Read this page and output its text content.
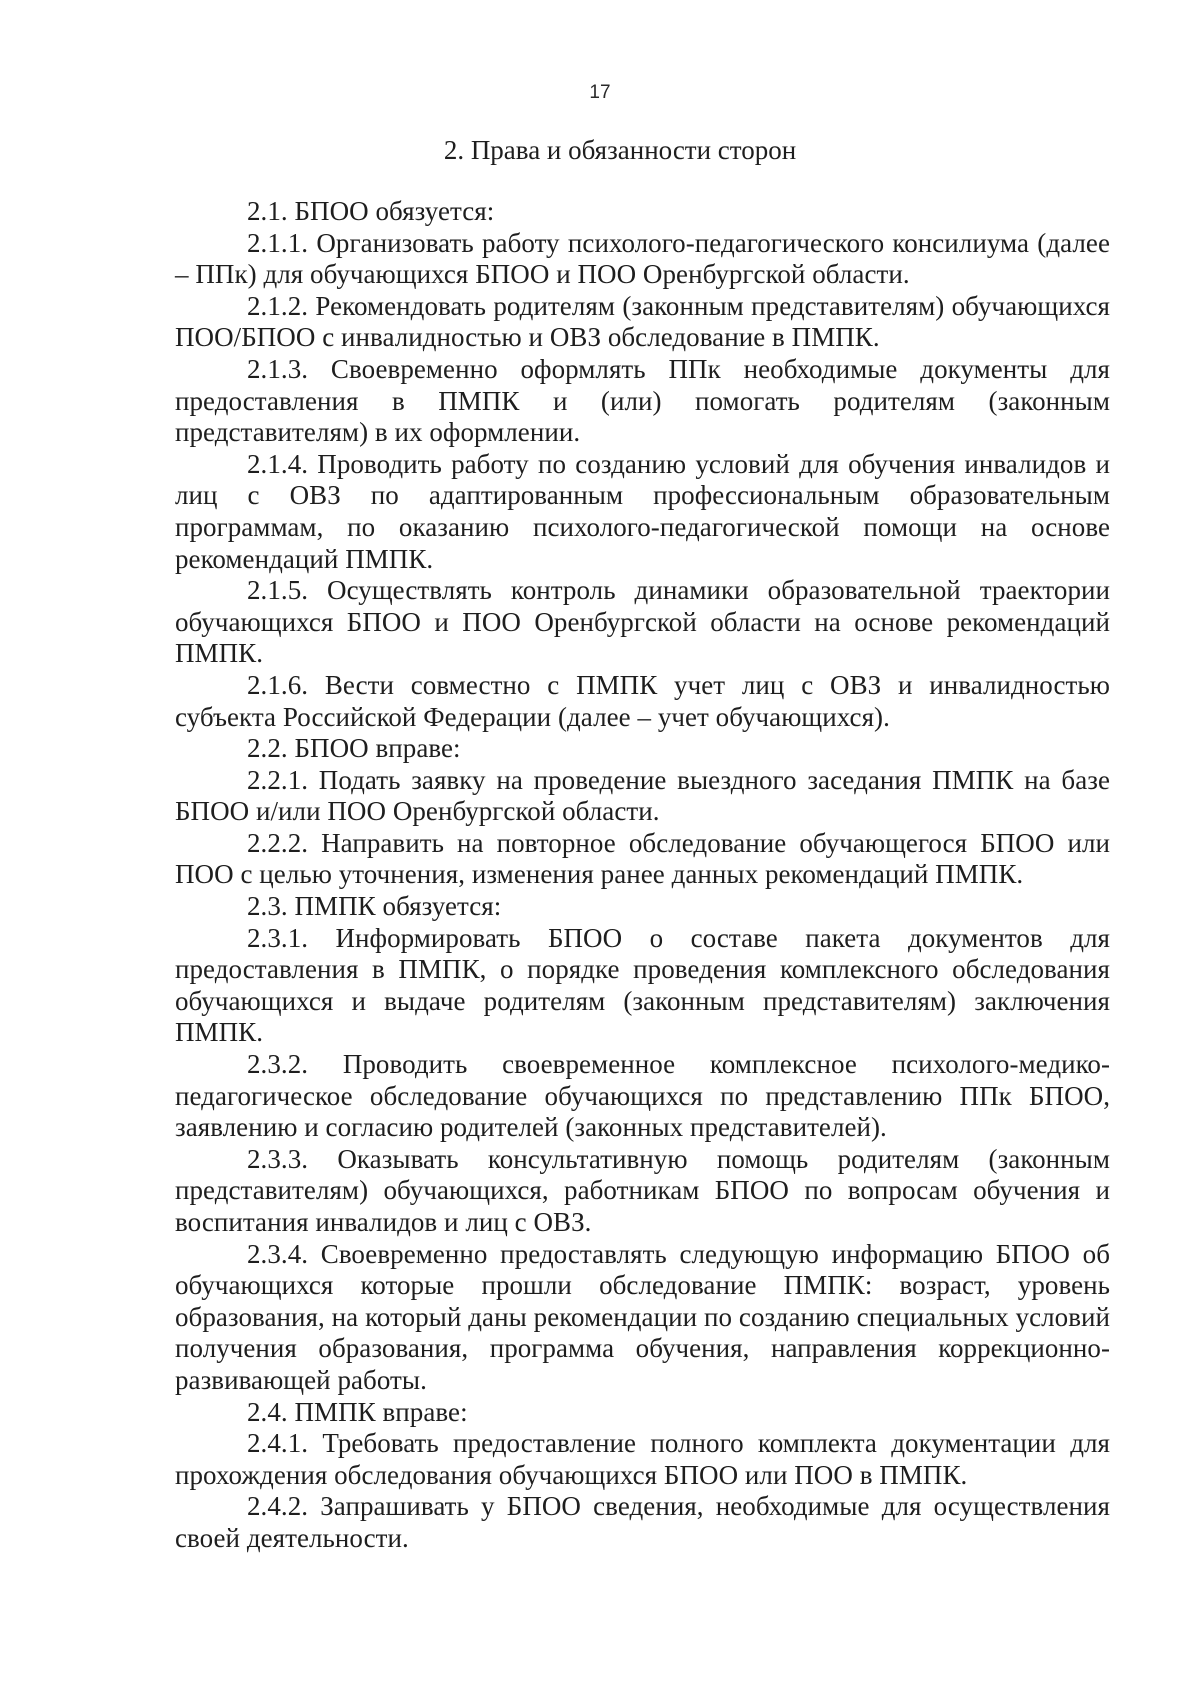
17
2. Права и обязанности сторон

2.1. БПОО обязуется:

2.1.1. Организовать работу психолого-педагогического консилиума (далее – ППк) для обучающихся БПОО и ПОО Оренбургской области.

2.1.2. Рекомендовать родителям (законным представителям) обучающихся ПОО/БПОО с инвалидностью и ОВЗ обследование в ПМПК.

2.1.3. Своевременно оформлять ППк необходимые документы для предоставления в ПМПК и (или) помогать родителям (законным представителям) в их оформлении.

2.1.4. Проводить работу по созданию условий для обучения инвалидов и лиц с ОВЗ по адаптированным профессиональным образовательным программам, по оказанию психолого-педагогической помощи на основе рекомендаций ПМПК.

2.1.5. Осуществлять контроль динамики образовательной траектории обучающихся БПОО и ПОО Оренбургской области на основе рекомендаций ПМПК.

2.1.6. Вести совместно с ПМПК учет лиц с ОВЗ и инвалидностью субъекта Российской Федерации (далее – учет обучающихся).

2.2. БПОО вправе:

2.2.1. Подать заявку на проведение выездного заседания ПМПК на базе БПОО и/или ПОО Оренбургской области.

2.2.2. Направить на повторное обследование обучающегося БПОО или ПОО с целью уточнения, изменения ранее данных рекомендаций ПМПК.

2.3. ПМПК обязуется:

2.3.1. Информировать БПОО о составе пакета документов для предоставления в ПМПК, о порядке проведения комплексного обследования обучающихся и выдаче родителям (законным представителям) заключения ПМПК.

2.3.2. Проводить своевременное комплексное психолого-медико-педагогическое обследование обучающихся по представлению ППк БПОО, заявлению и согласию родителей (законных представителей).

2.3.3. Оказывать консультативную помощь родителям (законным представителям) обучающихся, работникам БПОО по вопросам обучения и воспитания инвалидов и лиц с ОВЗ.

2.3.4. Своевременно предоставлять следующую информацию БПОО об обучающихся которые прошли обследование ПМПК: возраст, уровень образования, на который даны рекомендации по созданию специальных условий получения образования, программа обучения, направления коррекционно-развивающей работы.

2.4. ПМПК вправе:

2.4.1. Требовать предоставление полного комплекта документации для прохождения обследования обучающихся БПОО или ПОО в ПМПК.

2.4.2. Запрашивать у БПОО сведения, необходимые для осуществления своей деятельности.
